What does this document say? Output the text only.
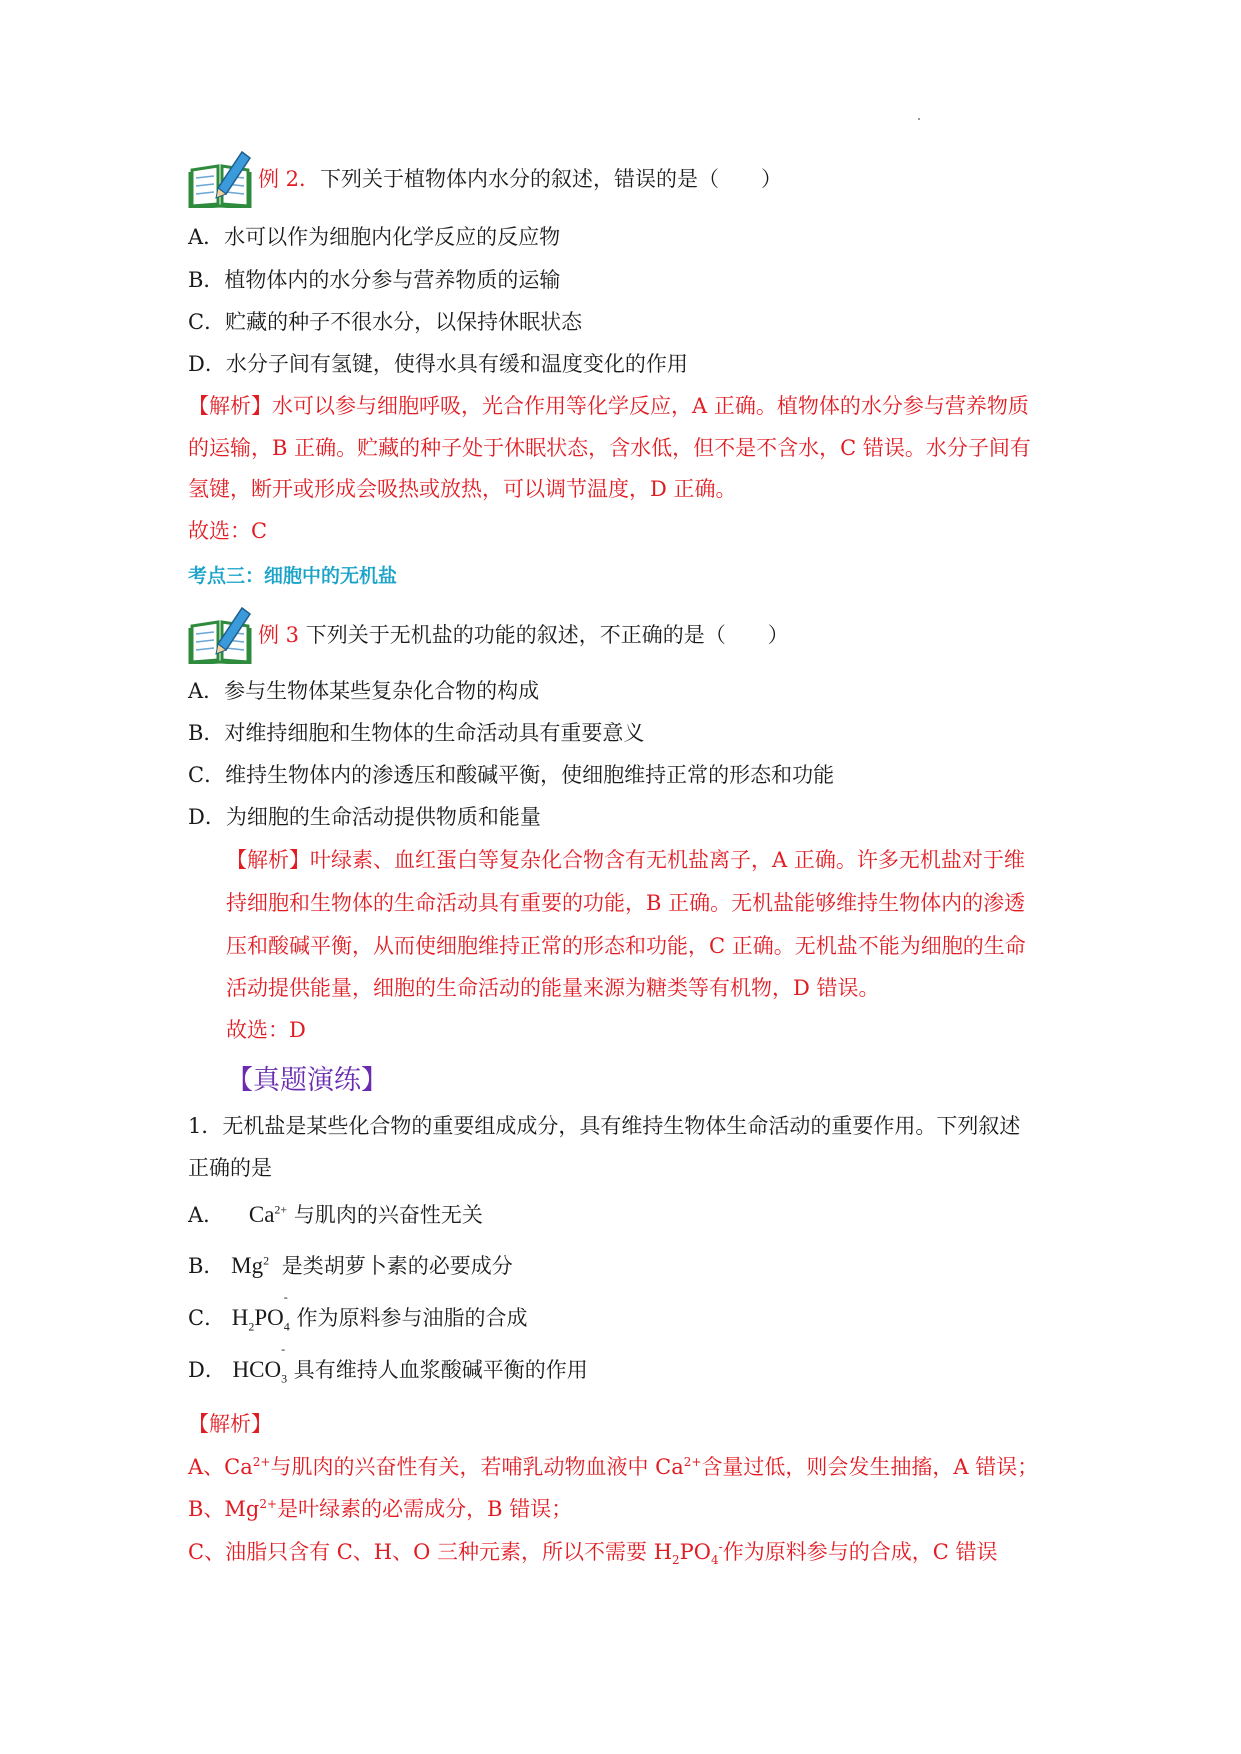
例 2．下列关于植物体内水分的叙述，错误的是（　　）
A．水可以作为细胞内化学反应的反应物
B．植物体内的水分参与营养物质的运输
C．贮藏的种子不很水分，以保持休眠状态
D．水分子间有氢键，使得水具有缓和温度变化的作用
【解析】水可以参与细胞呼吸，光合作用等化学反应，A 正确。植物体的水分参与营养物质
的运输，B 正确。贮藏的种子处于休眠状态，含水低，但不是不含水，C 错误。水分子间有
氢键，断开或形成会吸热或放热，可以调节温度，D 正确。
故选：C
考点三：细胞中的无机盐
例 3 下列关于无机盐的功能的叙述，不正确的是（　　）
A．参与生物体某些复杂化合物的构成
B．对维持细胞和生物体的生命活动具有重要意义
C．维持生物体内的渗透压和酸碱平衡，使细胞维持正常的形态和功能
D．为细胞的生命活动提供物质和能量
【解析】叶绿素、血红蛋白等复杂化合物含有无机盐离子，A 正确。许多无机盐对于维
持细胞和生物体的生命活动具有重要的功能，B 正确。无机盐能够维持生物体内的渗透
压和酸碱平衡，从而使细胞维持正常的形态和功能，C 正确。无机盐不能为细胞的生命
活动提供能量，细胞的生命活动的能量来源为糖类等有机物，D 错误。
故选：D
【真题演练】
1．无机盐是某些化合物的重要组成成分，具有维持生物体生命活动的重要作用。下列叙述
正确的是
A． $Ca^{2+}$ 与肌肉的兴奋性无关
B． Mg$^2$ 是类胡萝卜素的必要成分
C． $H_2PO$
-
$_4$ 作为原料参与油脂的合成
D． HCO
-
$_3$ 具有维持人血浆酸碱平衡的作用
【解析】
A、$Ca^{2+}$与肌肉的兴奋性有关，若哺乳动物血液中 $Ca^{2+}$含量过低，则会发生抽搐，A 错误；
B、$Mg^{2+}$是叶绿素的必需成分，B 错误；
C、油脂只含有 C、H、O 三种元素，所以不需要 $H_2PO_4^-$作为原料参与的合成，C 错误
